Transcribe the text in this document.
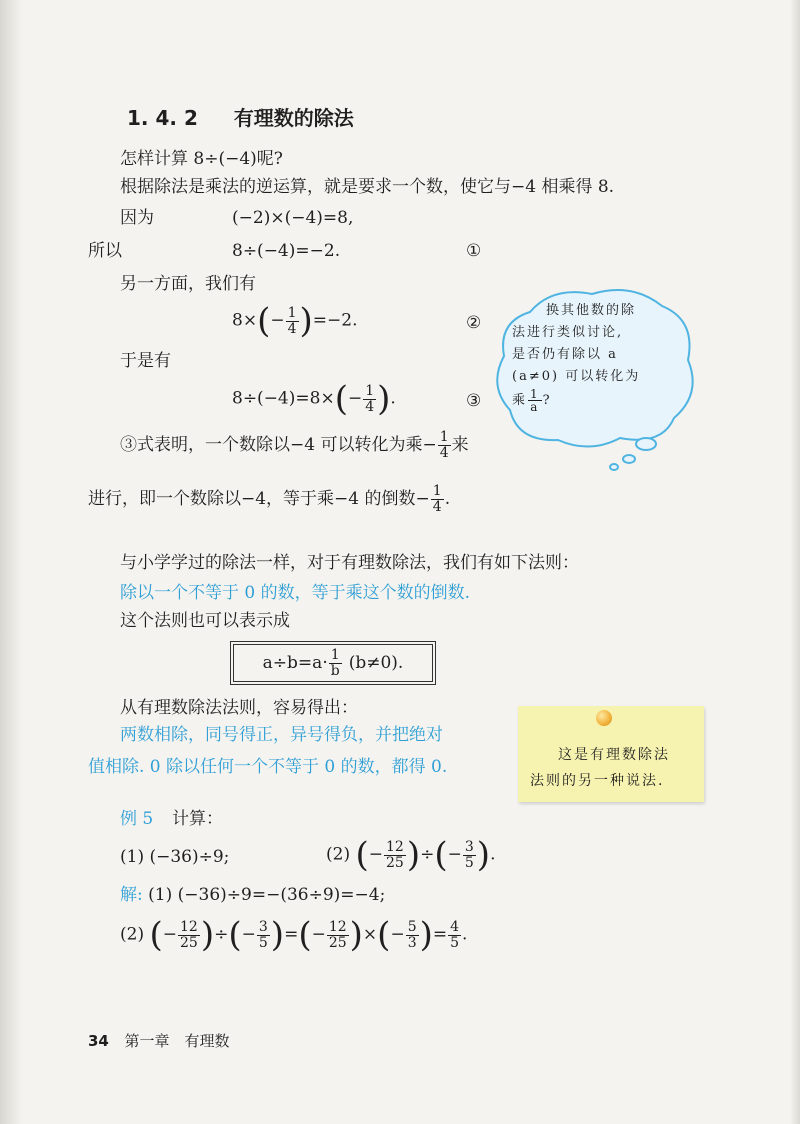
1. 4. 2 有理数的除法
怎样计算 8÷(−4)呢?
根据除法是乘法的逆运算，就是要求一个数，使它与−4 相乘得 8.
因为	(−2)×(−4)=8,
所以	8÷(−4)=−2.	①
另一方面，我们有
$8\times(- \frac{1}{4} )=-2$.	②
于是有
$8\div(-4)=8\times(- \frac{1}{4}$ ).	③
③式表明，一个数除以−4 可以转化为乘− $\frac{1}{4}$ 来
进行，即一个数除以−4，等于乘−4 的倒数− $\frac{1}{4}$ .
换其他数的除
法进行类似讨论,
是否仍有除以 a
(a≠0) 可以转化为
乘 $\frac{1}{a}$ ?
与小学学过的除法一样，对于有理数除法，我们有如下法则：
除以一个不等于 0 的数，等于乘这个数的倒数.
这个法则也可以表示成
$a\div b=a\cdot \frac{1}{b} (b\ne 0)$.
从有理数除法法则，容易得出：
两数相除，同号得正，异号得负，并把绝对
值相除. 0 除以任何一个不等于 0 的数，都得 0.
这是有理数除法
法则的另一种说法.
例 5 计算：
(1) (−36)÷9;	(2) (− $\frac{12}{25}$ )÷(− $\frac{3}{5}$ ).
解: (1) (−36)÷9=−(36÷9)=−4;
(2) (− $\frac{12}{25}$ )÷(− $\frac{3}{5}$ )=(− $\frac{12}{25}$ )×(− $\frac{5}{3}$ )= $\frac{4}{5}$ .
34 第一章　有理数
